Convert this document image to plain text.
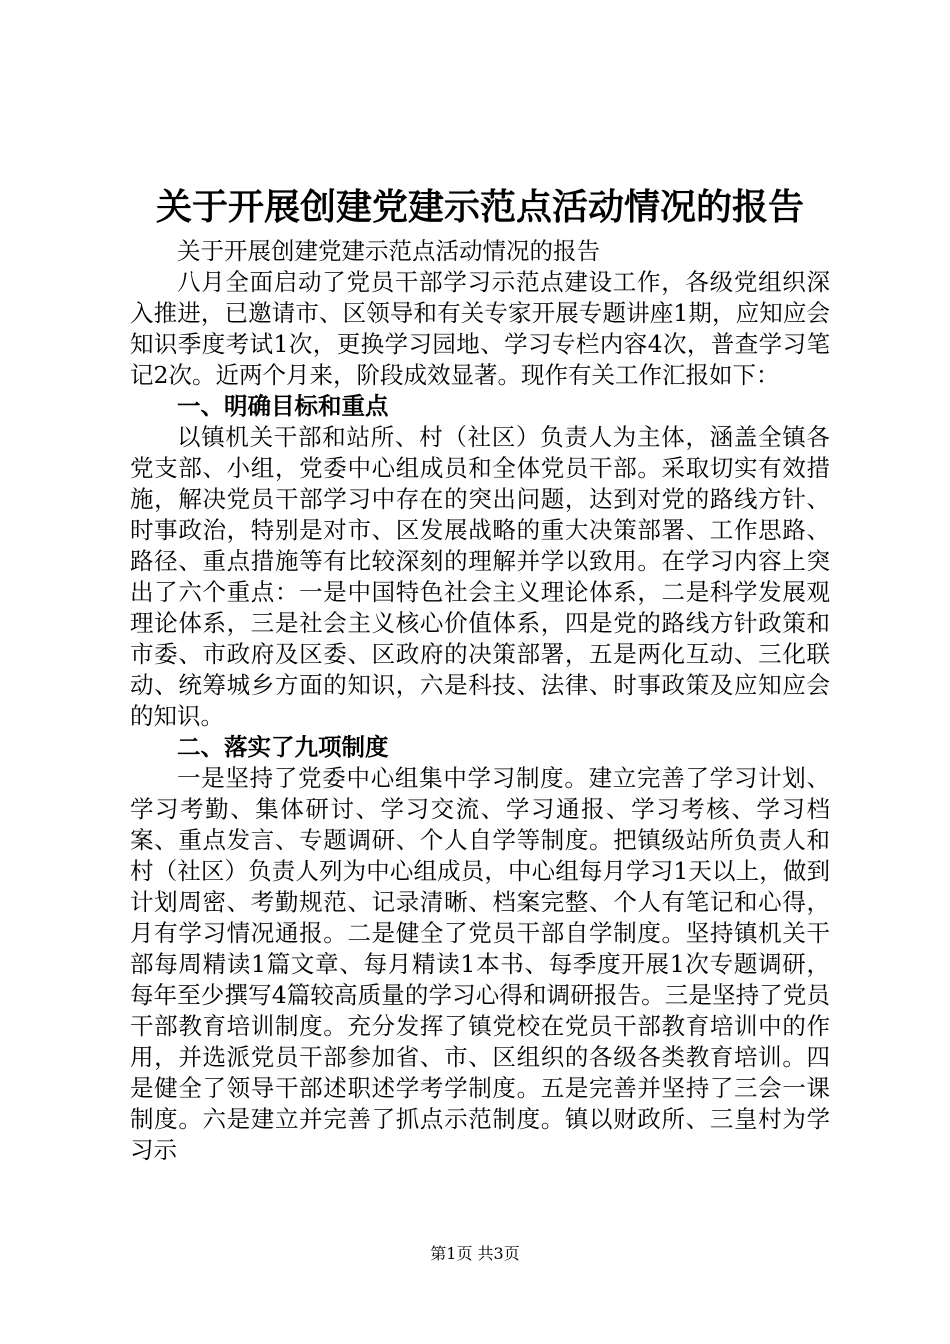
关于开展创建党建示范点活动情况的报告

关于开展创建党建示范点活动情况的报告

八月全面启动了党员干部学习示范点建设工作，各级党组织深入推进，已邀请市、区领导和有关专家开展专题讲座1期，应知应会知识季度考试1次，更换学习园地、学习专栏内容4次，普查学习笔记2次。近两个月来，阶段成效显著。现作有关工作汇报如下：

一、明确目标和重点

以镇机关干部和站所、村（社区）负责人为主体，涵盖全镇各党支部、小组，党委中心组成员和全体党员干部。采取切实有效措施，解决党员干部学习中存在的突出问题，达到对党的路线方针、时事政治，特别是对市、区发展战略的重大决策部署、工作思路、路径、重点措施等有比较深刻的理解并学以致用。在学习内容上突出了六个重点：一是中国特色社会主义理论体系，二是科学发展观理论体系，三是社会主义核心价值体系，四是党的路线方针政策和市委、市政府及区委、区政府的决策部署，五是两化互动、三化联动、统筹城乡方面的知识，六是科技、法律、时事政策及应知应会的知识。

二、落实了九项制度

一是坚持了党委中心组集中学习制度。建立完善了学习计划、学习考勤、集体研讨、学习交流、学习通报、学习考核、学习档案、重点发言、专题调研、个人自学等制度。把镇级站所负责人和村（社区）负责人列为中心组成员，中心组每月学习1天以上，做到计划周密、考勤规范、记录清晰、档案完整、个人有笔记和心得，月有学习情况通报。二是健全了党员干部自学制度。坚持镇机关干部每周精读1篇文章、每月精读1本书、每季度开展1次专题调研，每年至少撰写4篇较高质量的学习心得和调研报告。三是坚持了党员干部教育培训制度。充分发挥了镇党校在党员干部教育培训中的作用，并选派党员干部参加省、市、区组织的各级各类教育培训。四是健全了领导干部述职述学考学制度。五是完善并坚持了三会一课制度。六是建立并完善了抓点示范制度。镇以财政所、三皇村为学习示

第1页 共3页
